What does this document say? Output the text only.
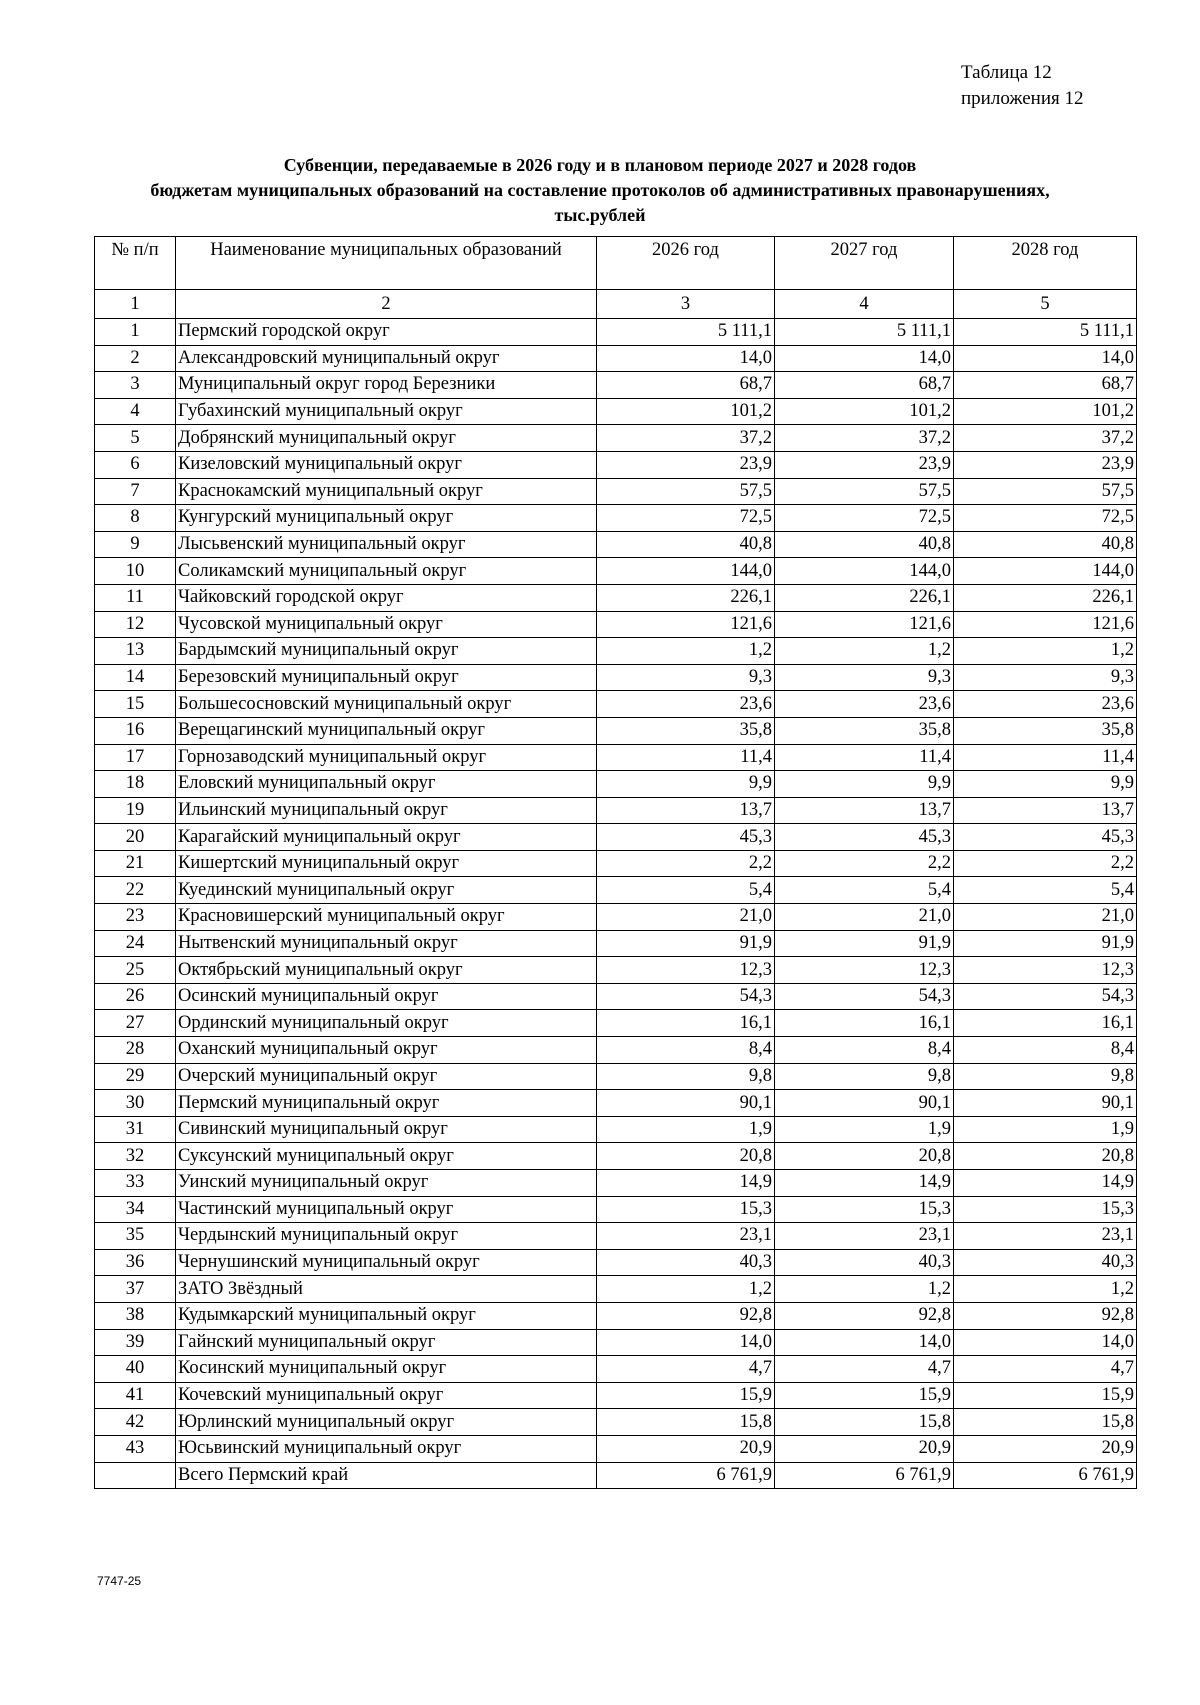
Таблица 12
приложения 12
Субвенции, передаваемые в 2026 году и в плановом периоде 2027 и 2028 годов
бюджетам муниципальных образований на составление протоколов об административных правонарушениях,
тыс.рублей
№ п/п	Наименование муниципальных образований	2026 год	2027 год	2028 год
1	2	3	4	5
1	Пермский городской округ	5 111,1	5 111,1	5 111,1
2	Александровский муниципальный округ	14,0	14,0	14,0
3	Муниципальный округ город Березники	68,7	68,7	68,7
4	Губахинский муниципальный округ	101,2	101,2	101,2
5	Добрянский муниципальный округ	37,2	37,2	37,2
6	Кизеловский муниципальный округ	23,9	23,9	23,9
7	Краснокамский муниципальный округ	57,5	57,5	57,5
8	Кунгурский муниципальный округ	72,5	72,5	72,5
9	Лысьвенский муниципальный округ	40,8	40,8	40,8
10	Соликамский муниципальный округ	144,0	144,0	144,0
11	Чайковский городской округ	226,1	226,1	226,1
12	Чусовской муниципальный округ	121,6	121,6	121,6
13	Бардымский муниципальный округ	1,2	1,2	1,2
14	Березовский муниципальный округ	9,3	9,3	9,3
15	Большесосновский муниципальный округ	23,6	23,6	23,6
16	Верещагинский муниципальный округ	35,8	35,8	35,8
17	Горнозаводский муниципальный округ	11,4	11,4	11,4
18	Еловский муниципальный округ	9,9	9,9	9,9
19	Ильинский муниципальный округ	13,7	13,7	13,7
20	Карагайский муниципальный округ	45,3	45,3	45,3
21	Кишертский муниципальный округ	2,2	2,2	2,2
22	Куединский муниципальный округ	5,4	5,4	5,4
23	Красновишерский муниципальный округ	21,0	21,0	21,0
24	Нытвенский муниципальный округ	91,9	91,9	91,9
25	Октябрьский муниципальный округ	12,3	12,3	12,3
26	Осинский муниципальный округ	54,3	54,3	54,3
27	Ординский муниципальный округ	16,1	16,1	16,1
28	Оханский муниципальный округ	8,4	8,4	8,4
29	Очерский муниципальный округ	9,8	9,8	9,8
30	Пермский муниципальный округ	90,1	90,1	90,1
31	Сивинский муниципальный округ	1,9	1,9	1,9
32	Суксунский муниципальный округ	20,8	20,8	20,8
33	Уинский муниципальный округ	14,9	14,9	14,9
34	Частинский муниципальный округ	15,3	15,3	15,3
35	Чердынский муниципальный округ	23,1	23,1	23,1
36	Чернушинский муниципальный округ	40,3	40,3	40,3
37	ЗАТО Звёздный	1,2	1,2	1,2
38	Кудымкарский муниципальный округ	92,8	92,8	92,8
39	Гайнский муниципальный округ	14,0	14,0	14,0
40	Косинский муниципальный округ	4,7	4,7	4,7
41	Кочевский муниципальный округ	15,9	15,9	15,9
42	Юрлинский муниципальный округ	15,8	15,8	15,8
43	Юсьвинский муниципальный округ	20,9	20,9	20,9
	Всего Пермский край	6 761,9	6 761,9	6 761,9
7747-25
